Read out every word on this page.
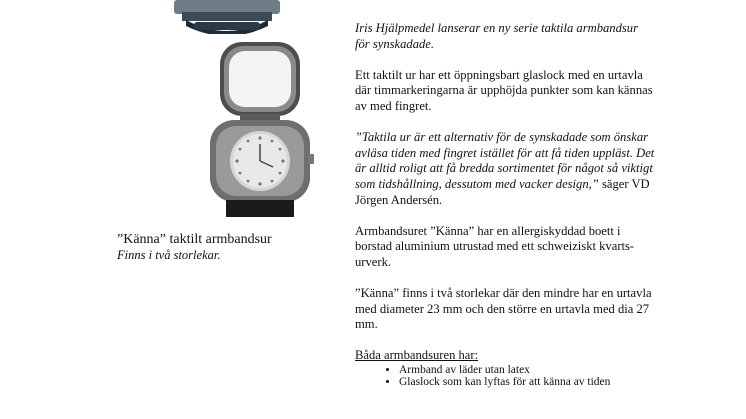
”Känna” taktilt armbandsur
Finns i två storlekar.

Iris Hjälpmedel lanserar en ny serie taktila armbandsur för synskadade.

Ett taktilt ur har ett öppningsbart glaslock med en urtavla där timmarkeringarna är upphöjda punkter som kan kännas av med fingret.

”Taktila ur är ett alternativ för de synskadade som önskar avläsa tiden med fingret istället för att få tiden uppläst. Det är alltid roligt att få bredda sortimentet för något så viktigt som tidshållning, dessutom med vacker design,” säger VD Jörgen Andersén.

Armbandsuret ”Känna” har en allergiskyddad boett i borstad aluminium utrustad med ett schweiziskt kvarts-urverk.

”Känna” finns i två storlekar där den mindre har en urtavla med diameter 23 mm och den större en urtavla med dia 27 mm.

Båda armbandsuren har:

• Armband av läder utan latex
• Glaslock som kan lyftas för att känna av tiden
